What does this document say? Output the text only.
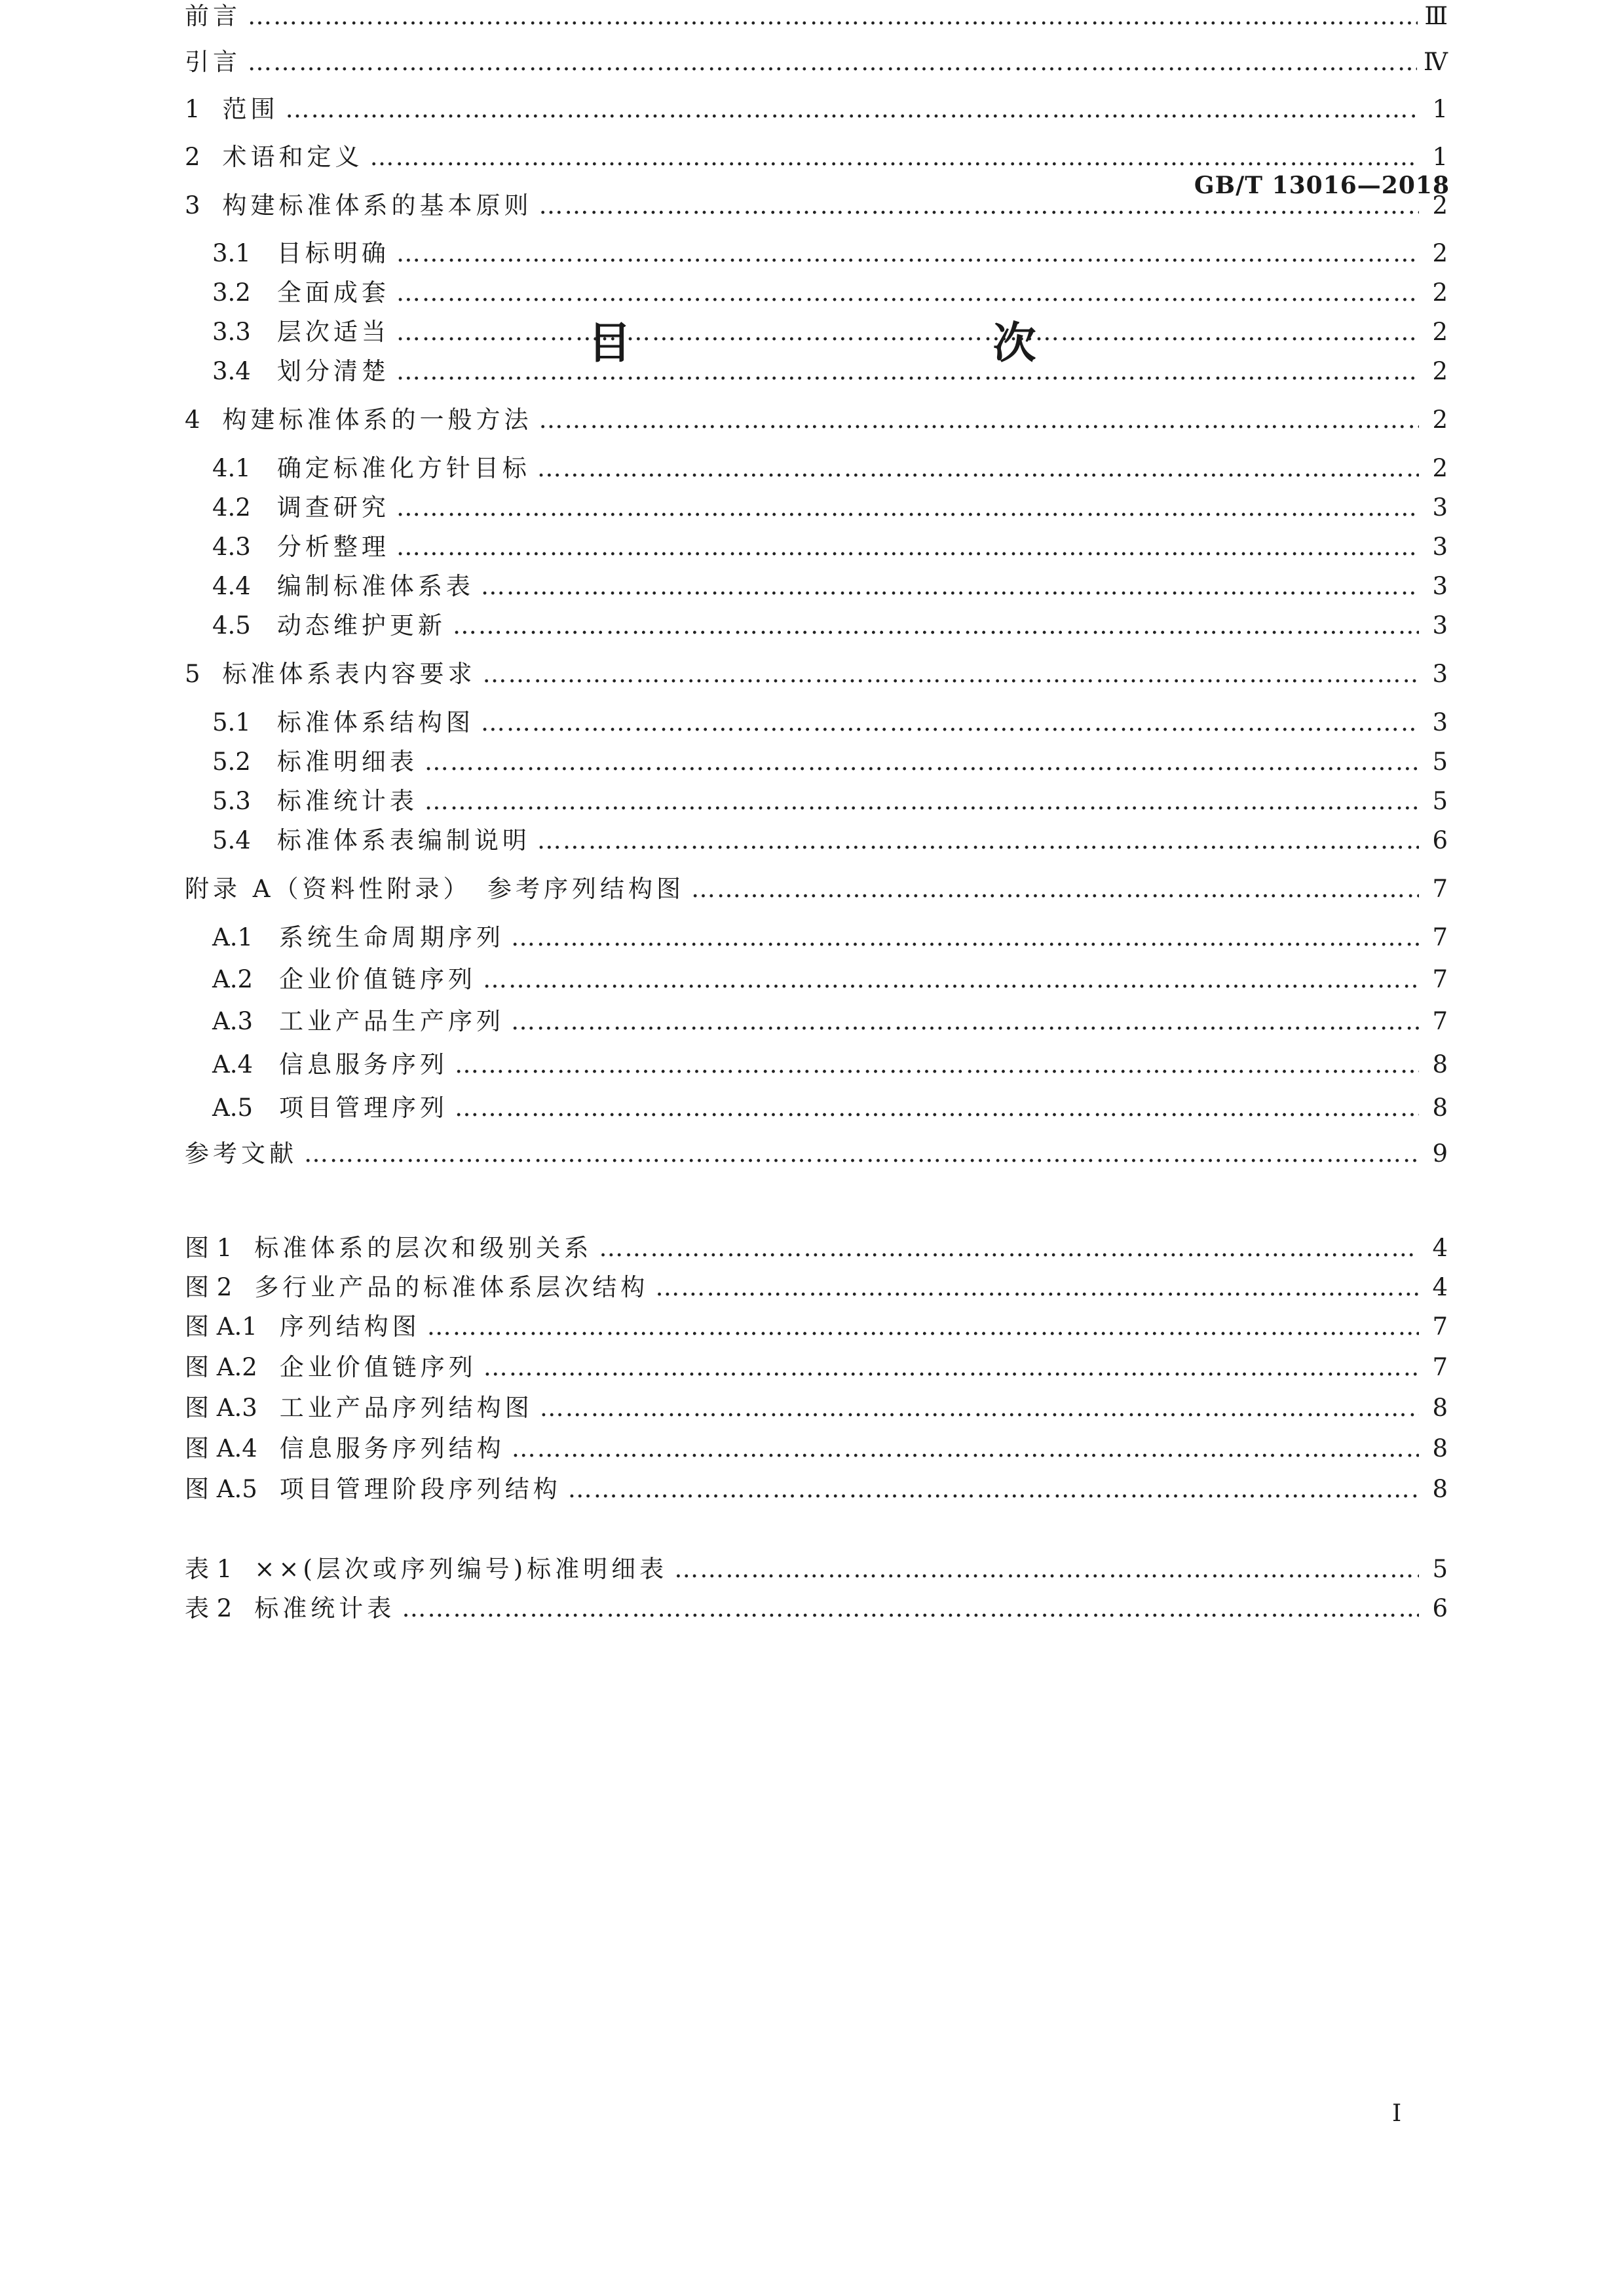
GB/T 13016—2018
目　　次
前言 ……………………………………………………………………………………………………………………………………………………………………………………………………………………………………………………………………………	Ⅲ
引言 ……………………………………………………………………………………………………………………………………………………………………………………………………………………………………………………………………………	Ⅳ
1 范围 ……………………………………………………………………………………………………………………………………………………………………………………………………………………………………………………………………………	1
2 术语和定义 ……………………………………………………………………………………………………………………………………………………………………………………………………………………………………………………………………………	1
3 构建标准体系的基本原则 ……………………………………………………………………………………………………………………………………………………………………………………………………………………………………………………………………………	2
3.1 目标明确 ……………………………………………………………………………………………………………………………………………………………………………………………………………………………………………………………………………	2
3.2 全面成套 ……………………………………………………………………………………………………………………………………………………………………………………………………………………………………………………………………………	2
3.3 层次适当 ……………………………………………………………………………………………………………………………………………………………………………………………………………………………………………………………………………	2
3.4 划分清楚 ……………………………………………………………………………………………………………………………………………………………………………………………………………………………………………………………………………	2
4 构建标准体系的一般方法 ……………………………………………………………………………………………………………………………………………………………………………………………………………………………………………………………………………	2
4.1 确定标准化方针目标 ……………………………………………………………………………………………………………………………………………………………………………………………………………………………………………………………………………	2
4.2 调查研究 ……………………………………………………………………………………………………………………………………………………………………………………………………………………………………………………………………………	3
4.3 分析整理 ……………………………………………………………………………………………………………………………………………………………………………………………………………………………………………………………………………	3
4.4 编制标准体系表 ……………………………………………………………………………………………………………………………………………………………………………………………………………………………………………………………………………	3
4.5 动态维护更新 ……………………………………………………………………………………………………………………………………………………………………………………………………………………………………………………………………………	3
5 标准体系表内容要求 ……………………………………………………………………………………………………………………………………………………………………………………………………………………………………………………………………………	3
5.1 标准体系结构图 ……………………………………………………………………………………………………………………………………………………………………………………………………………………………………………………………………………	3
5.2 标准明细表 ……………………………………………………………………………………………………………………………………………………………………………………………………………………………………………………………………………	5
5.3 标准统计表 ……………………………………………………………………………………………………………………………………………………………………………………………………………………………………………………………………………	5
5.4 标准体系表编制说明 ……………………………………………………………………………………………………………………………………………………………………………………………………………………………………………………………………………	6
附录 A（资料性附录）　参考序列结构图 ……………………………………………………………………………………………………………………………………………………………………………………………………………………………………………………………………………	7
A.1 系统生命周期序列 ……………………………………………………………………………………………………………………………………………………………………………………………………………………………………………………………………………	7
A.2 企业价值链序列 ……………………………………………………………………………………………………………………………………………………………………………………………………………………………………………………………………………	7
A.3 工业产品生产序列 ……………………………………………………………………………………………………………………………………………………………………………………………………………………………………………………………………………	7
A.4 信息服务序列 ……………………………………………………………………………………………………………………………………………………………………………………………………………………………………………………………………………	8
A.5 项目管理序列 ……………………………………………………………………………………………………………………………………………………………………………………………………………………………………………………………………………	8
参考文献 ……………………………………………………………………………………………………………………………………………………………………………………………………………………………………………………………………………	9
图 1 标准体系的层次和级别关系 ……………………………………………………………………………………………………………………………………………………………………………………………………………………………………………………………………………	4
图 2 多行业产品的标准体系层次结构 ……………………………………………………………………………………………………………………………………………………………………………………………………………………………………………………………………………	4
图 A.1 序列结构图 ……………………………………………………………………………………………………………………………………………………………………………………………………………………………………………………………………………	7
图 A.2 企业价值链序列 ……………………………………………………………………………………………………………………………………………………………………………………………………………………………………………………………………………	7
图 A.3 工业产品序列结构图 ……………………………………………………………………………………………………………………………………………………………………………………………………………………………………………………………………………	8
图 A.4 信息服务序列结构 ……………………………………………………………………………………………………………………………………………………………………………………………………………………………………………………………………………	8
图 A.5 项目管理阶段序列结构 ……………………………………………………………………………………………………………………………………………………………………………………………………………………………………………………………………………	8
表 1 ××(层次或序列编号)标准明细表 ……………………………………………………………………………………………………………………………………………………………………………………………………………………………………………………………………………	5
表 2 标准统计表 ……………………………………………………………………………………………………………………………………………………………………………………………………………………………………………………………………………	6
I
